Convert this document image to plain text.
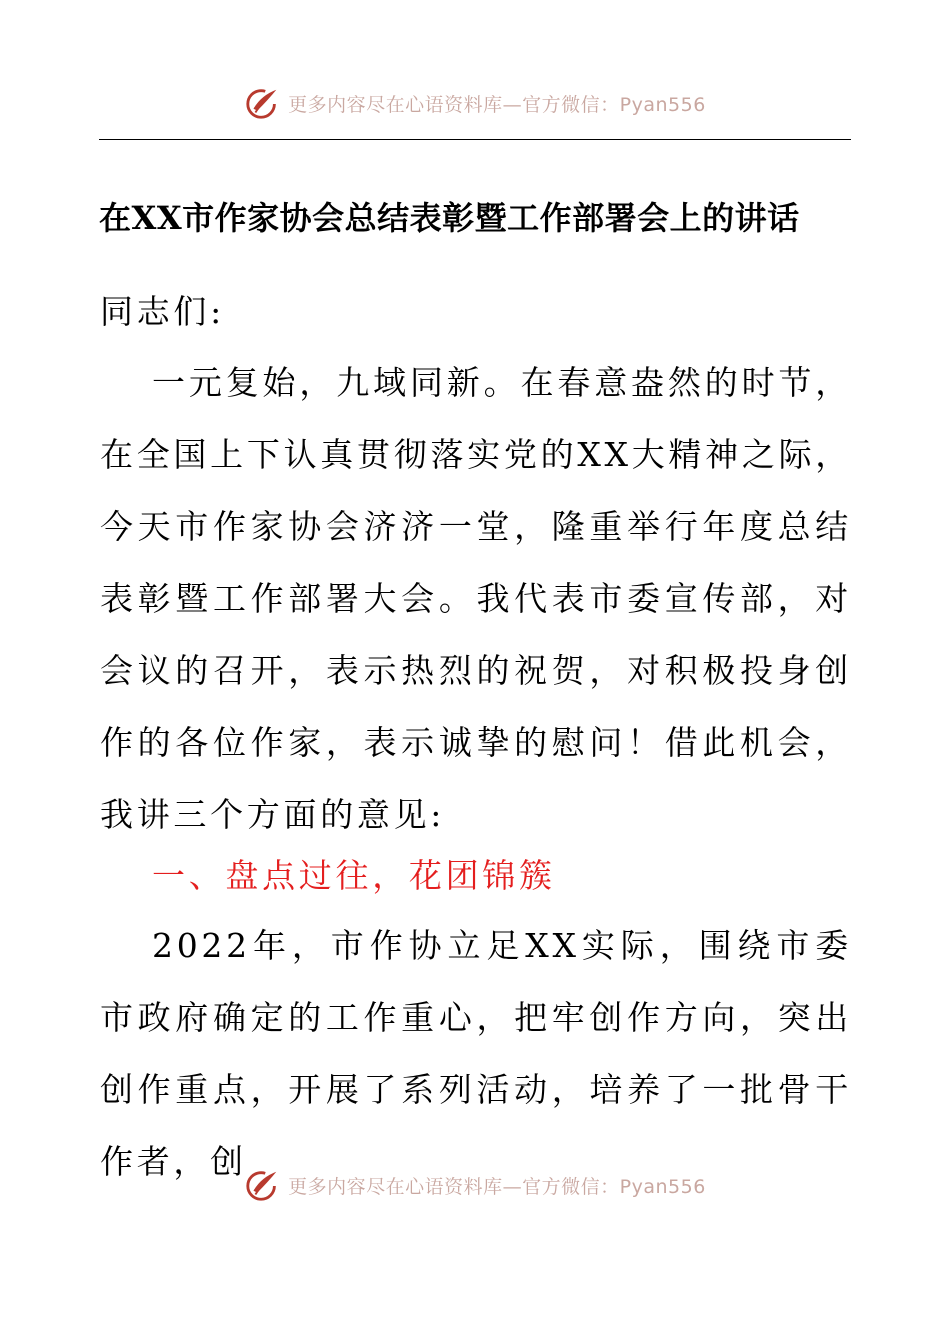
更多内容尽在心语资料库—官方微信：Pyan556
在XX市作家协会总结表彰暨工作部署会上的讲话

同志们:

一元复始，九域同新。在春意盎然的时节，在全国上下认真贯彻落实党的XX大精神之际，今天市作家协会济济一堂，隆重举行年度总结表彰暨工作部署大会。我代表市委宣传部，对会议的召开，表示热烈的祝贺，对积极投身创作的各位作家，表示诚挚的慰问！借此机会，我讲三个方面的意见:

一、盘点过往，花团锦簇

2022年，市作协立足XX实际，围绕市委市政府确定的工作重心，把牢创作方向，突出创作重点，开展了系列活动，培养了一批骨干作者，创

更多内容尽在心语资料库—官方微信：Pyan556
